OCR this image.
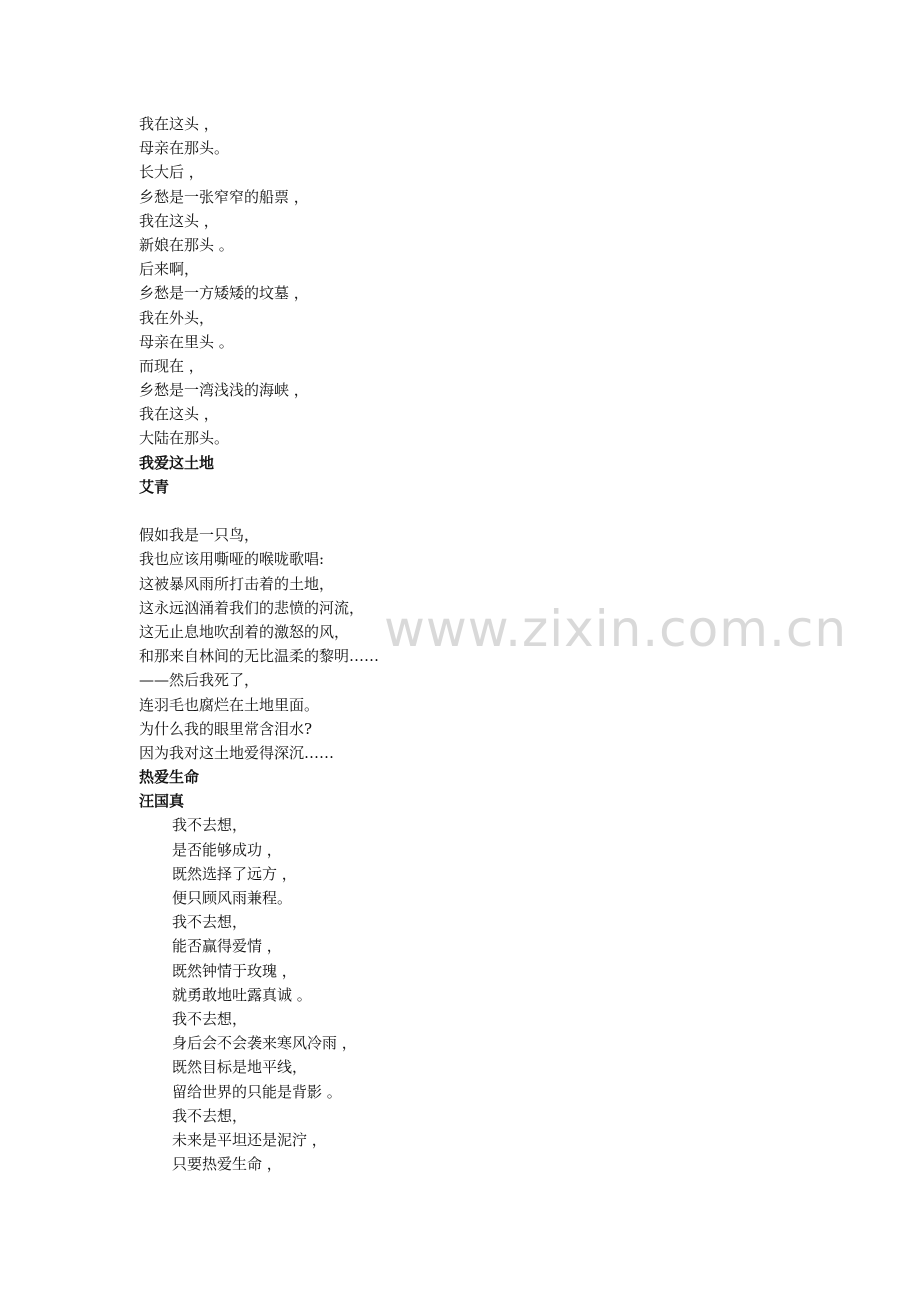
我在这头 ，
母亲在那头。
长大后 ，
乡愁是一张窄窄的船票 ，
我在这头 ，
新娘在那头 。
后来啊，
乡愁是一方矮矮的坟墓 ，
我在外头，
母亲在里头 。
而现在 ，
乡愁是一湾浅浅的海峡 ，
我在这头 ，
大陆在那头。
我爱这土地
艾青
假如我是一只鸟，
我也应该用嘶哑的喉咙歌唱:
这被暴风雨所打击着的土地，
这永远汹涌着我们的悲愤的河流，
这无止息地吹刮着的激怒的风，
和那来自林间的无比温柔的黎明……
——然后我死了，
连羽毛也腐烂在土地里面。
为什么我的眼里常含泪水?
因为我对这土地爱得深沉……
热爱生命
汪国真
我不去想，
是否能够成功 ，
既然选择了远方 ，
便只顾风雨兼程。
我不去想，
能否赢得爱情 ，
既然钟情于玫瑰 ，
就勇敢地吐露真诚 。
我不去想，
身后会不会袭来寒风冷雨 ，
既然目标是地平线，
留给世界的只能是背影 。
我不去想，
未来是平坦还是泥泞 ，
只要热爱生命 ，
www.zixin.com.cn
